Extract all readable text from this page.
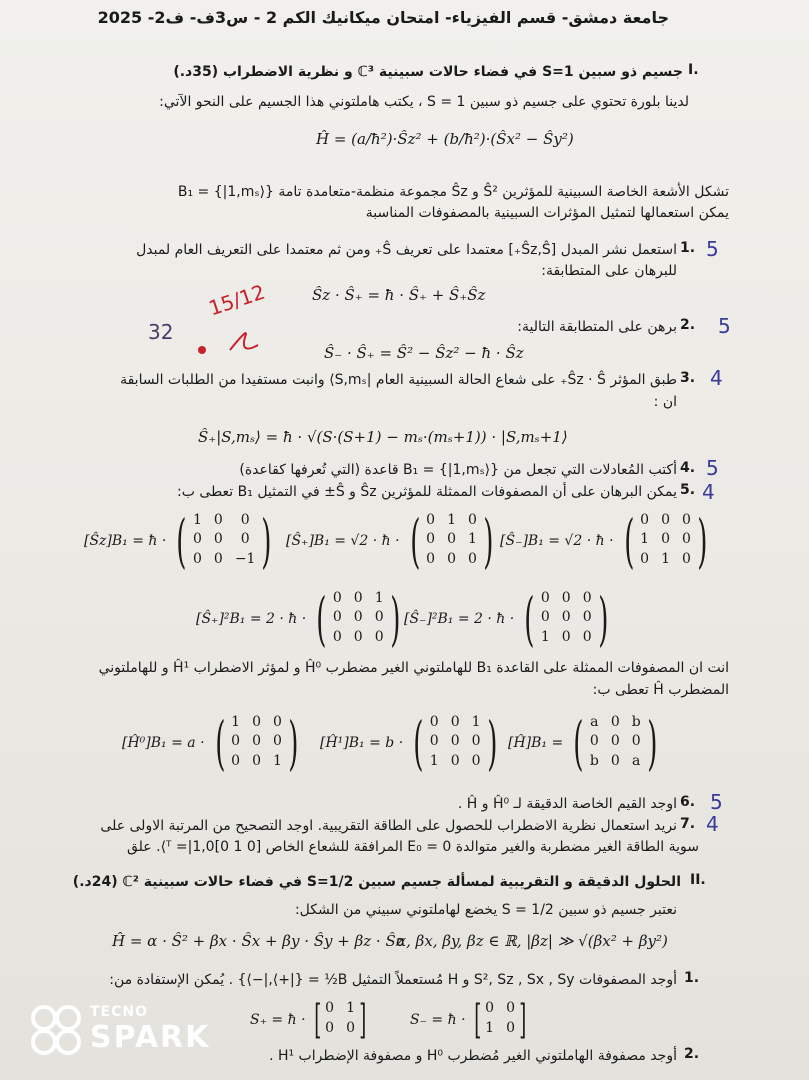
جامعة دمشق- قسم الفيزياء- امتحان ميكانيك الكم 2 - س3ف- ف2- 2025
I.
جسيم ذو سبين S=1 في فضاء حالات سبينية ℂ³ و نظرية الاضطراب (35د.)
لدينا بلورة تحتوي على جسيم ذو سبين S = 1 ، يكتب هاملتوني هذا الجسيم على النحو الآتي:
Ĥ = (a/ħ²)·Ŝz² + (b/ħ²)·(Ŝx² − Ŝy²)
تشكل الأشعة الخاصة السبينية للمؤثرين Ŝ² و Ŝz مجموعة منظمة-متعامدة تامة B₁ = {|1,mₛ⟩}
يمكن استعمالها لتمثيل المؤثرات السبينية بالمصفوفات المناسبة
1.
استعمل نشر المبدل [Ŝz,Ŝ₊] معتمدا على تعريف Ŝ₊ ومن ثم معتمدا على التعريف العام لمبدل
للبرهان على المتطابقة:
Ŝz · Ŝ₊ = ħ · Ŝ₊ + Ŝ₊Ŝz
5
32
15/12
2.
برهن على المتطابقة التالية:
Ŝ₋ · Ŝ₊ = Ŝ² − Ŝz² − ħ · Ŝz
5
3.
طبق المؤثر Ŝz · Ŝ₊ على شعاع الحالة السبينية العام |S,mₛ⟩ وانبت مستفيدا من الطلبات السابقة
ان :
Ŝ₊|S,mₛ⟩ = ħ · √(S·(S+1) − mₛ·(mₛ+1)) · |S,mₛ+1⟩
4
4.
أكتب المُعادلات التي تجعل من B₁ = {|1,mₛ⟩} قاعدة (التي تُعرفها كقاعدة) 5
5.
يمكن البرهان على أن المصفوفات الممثلة للمؤثرين Ŝz و Ŝ± في التمثيل B₁ تعطى ب: 4
[Ŝz]B₁ = ħ · ( 1 0	0
0 0	0
0 0 −1 ) [Ŝ₊]B₁ = √2 · ħ · ( 0 1 0
0 0 1
0 0 0 ) [Ŝ₋]B₁ = √2 · ħ · ( 0 0 0
1 0 0
0 1 0 )
[Ŝ₊]²B₁ = 2 · ħ · ( 0 0 1
0 0 0
0 0 0 ) [Ŝ₋]²B₁ = 2 · ħ · ( 0 0 0
0 0 0
1 0 0 )
انت ان المصفوفات الممثلة على القاعدة B₁ للهاملتوني الغير مضطرب Ĥ⁰ و لمؤثر الاضطراب Ĥ¹ و للهاملتوني
المضطرب Ĥ تعطى ب:
[Ĥ⁰]B₁ = a · ( 1 0 0
0 0 0
0 0 1 ) [Ĥ¹]B₁ = b · ( 0 0 1
0 0 0
1 0 0 ) [Ĥ]B₁ = ( a 0 b
0 0 0
b 0 a )
6.
اوجد القيم الخاصة الدقيقة لـ Ĥ⁰ و Ĥ . 5
7.
نريد استعمال نظرية الاضطراب للحصول على الطاقة التقريبية. اوجد التصحيح من المرتبة الاولى على
سوية الطاقة الغير مضطربة والغير متوالدة E₀ = 0 المرافقة للشعاع الخاص [0 1 0]ᵀ =|1,0⟩. علق
4
II.
الحلول الدقيقة و التقريبية لمسألة جسيم سبين S=1/2 في فضاء حالات سبينية ℂ² (24د.)
نعتبر جسيم ذو سبين S = 1/2 يخضع لهاملتوني سبيني من الشكل:
Ĥ = α · Ŝ² + βx · Ŝx + βy · Ŝy + βz · Ŝz
α, βx, βy, βz ∈ ℝ, |βz| ≫ √(βx² + βy²)
1.
أوجد المصفوفات S², Sz , Sx , Sy و H مُستعملاً التمثيل B½ = {|+⟩,|−⟩} . يُمكن الإستفادة من:
S₊ = ħ · [ 0 1
0 0 ]	S₋ = ħ · [ 0 0
1 0 ]
2.
أوجد مصفوفة الهاملتوني الغير مُضطرب H⁰ و مصفوفة الإضطراب H¹ .
TECNO
SPARK
